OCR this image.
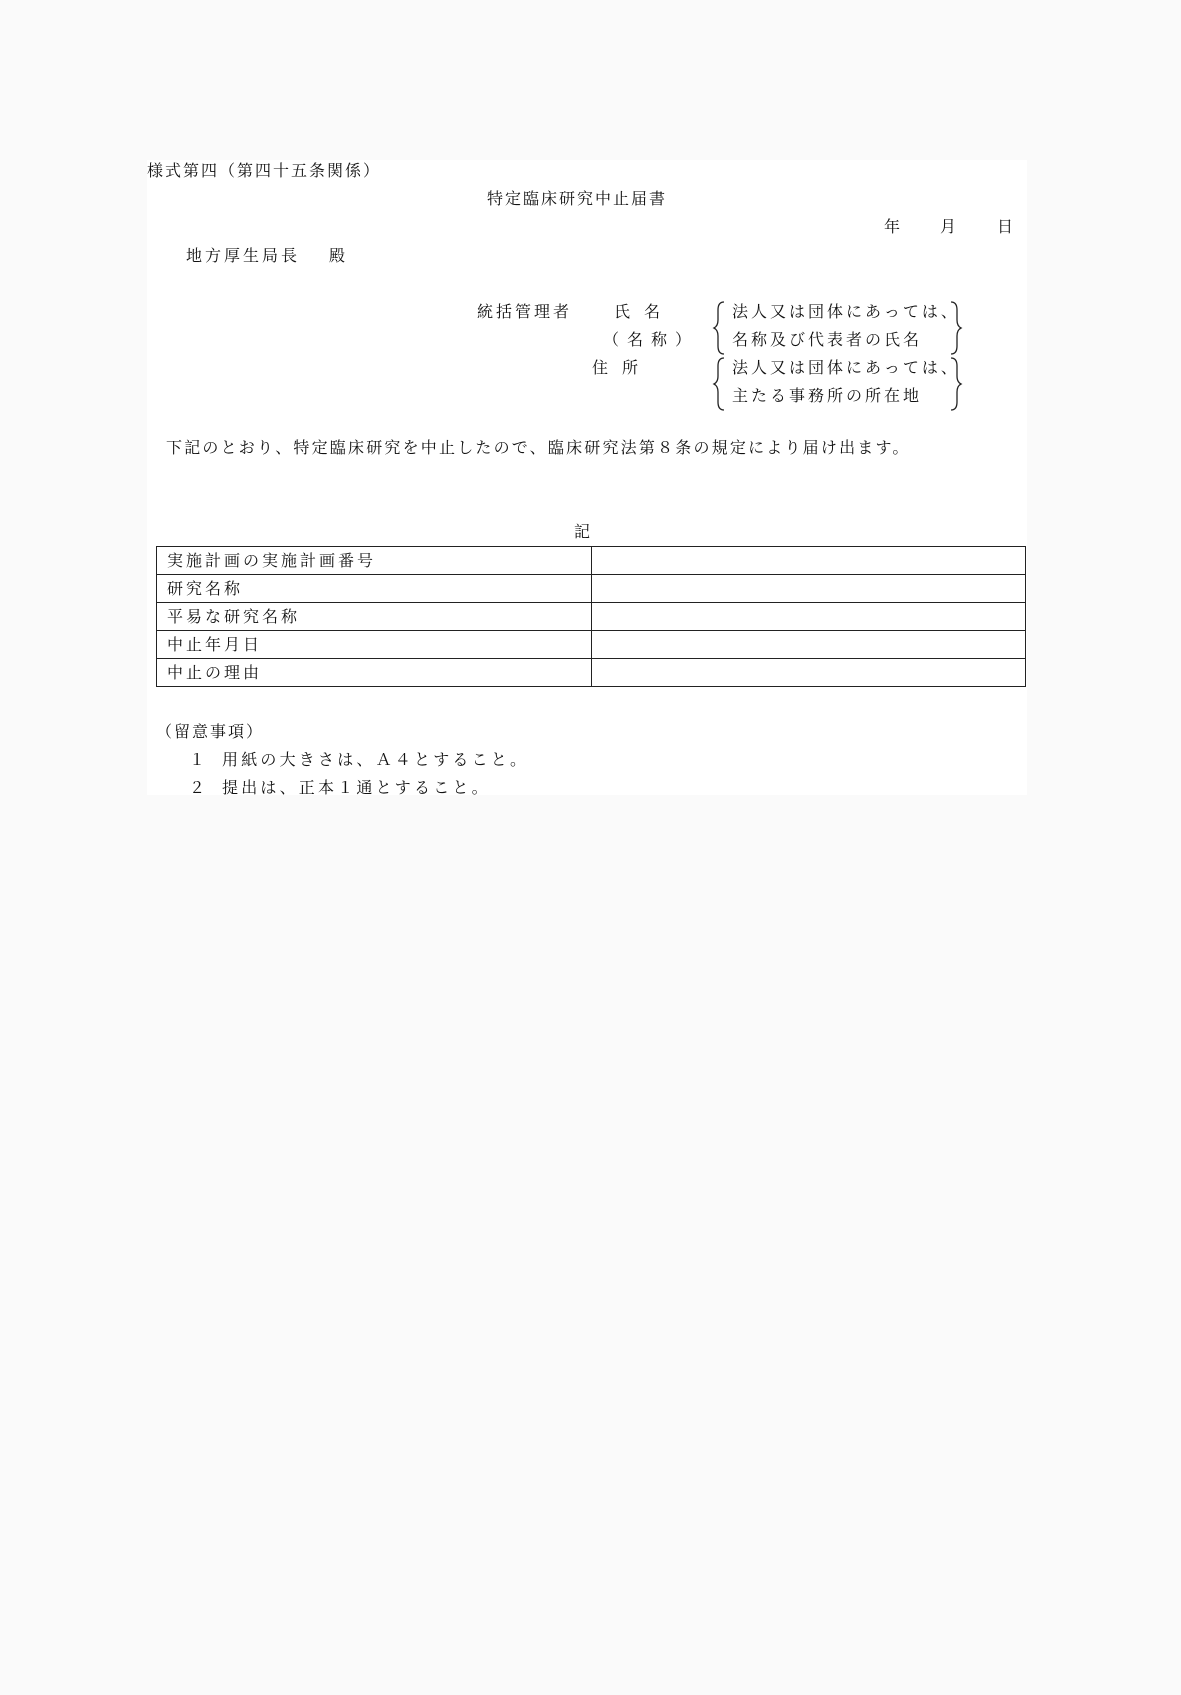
様式第四（第四十五条関係）
特定臨床研究中止届書
年 月 日
地方厚生局長 殿
統括管理者	氏名
（名称）
住所
法人又は団体にあっては、
名称及び代表者の氏名
法人又は団体にあっては、
主たる事務所の所在地
下記のとおり、特定臨床研究を中止したので、臨床研究法第８条の規定により届け出ます。
記
実施計画の実施計画番号	
研究名称	
平易な研究名称	
中止年月日	
中止の理由	
（留意事項）
１ 用紙の大きさは、Ａ４とすること。
２ 提出は、正本１通とすること。
